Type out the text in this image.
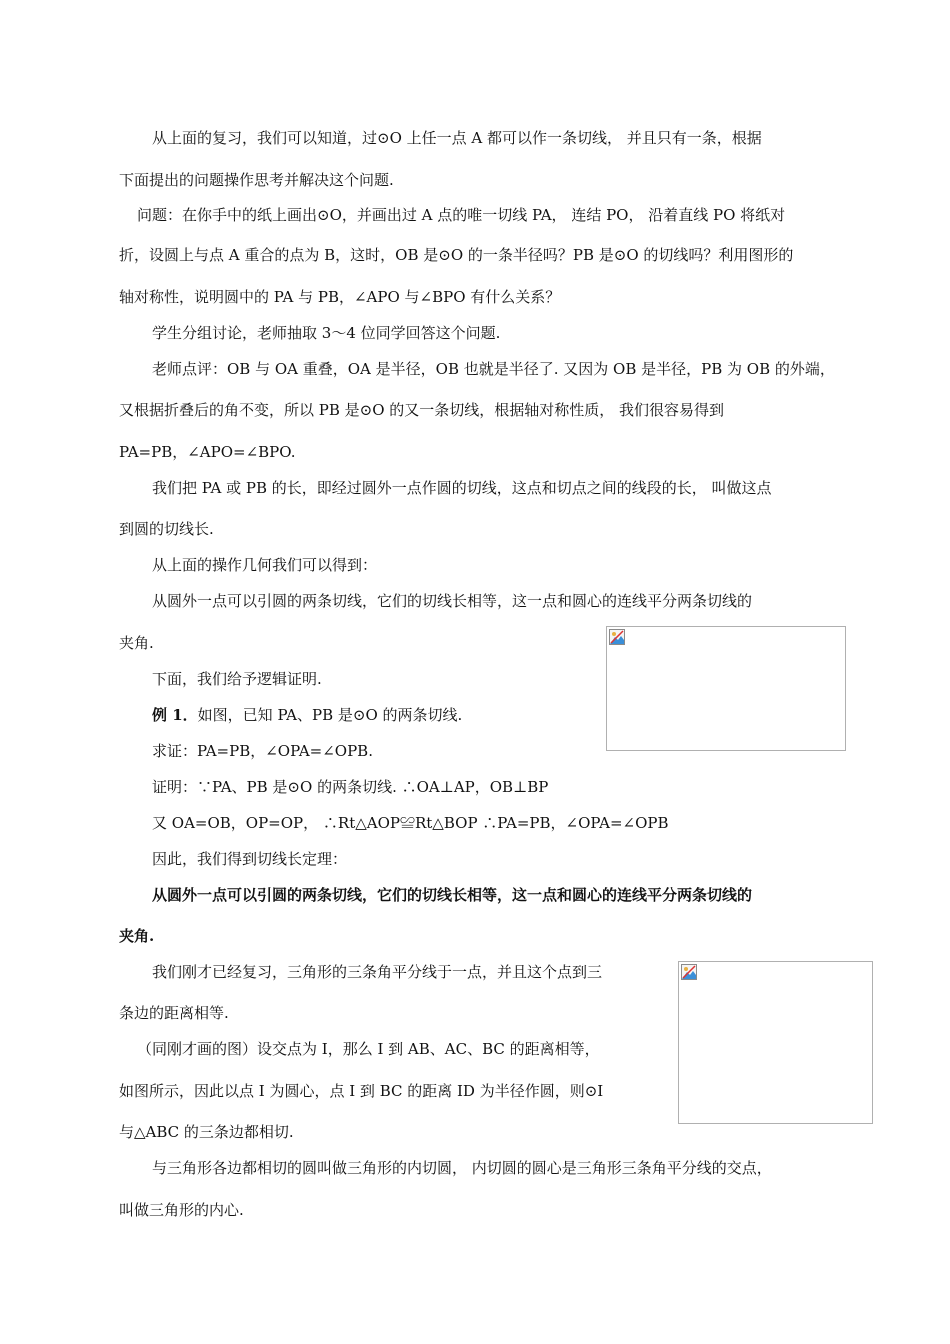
从上面的复习，我们可以知道，过⊙O 上任一点 A 都可以作一条切线， 并且只有一条，根据
下面提出的问题操作思考并解决这个问题.
问题：在你手中的纸上画出⊙O，并画出过 A 点的唯一切线 PA， 连结 PO， 沿着直线 PO 将纸对
折，设圆上与点 A 重合的点为 B，这时，OB 是⊙O 的一条半径吗？PB 是⊙O 的切线吗？利用图形的
轴对称性，说明圆中的 PA 与 PB，∠APO 与∠BPO 有什么关系？
学生分组讨论，老师抽取 3～4 位同学回答这个问题.
老师点评：OB 与 OA 重叠，OA 是半径，OB 也就是半径了. 又因为 OB 是半径，PB 为 OB 的外端，
又根据折叠后的角不变，所以 PB 是⊙O 的又一条切线，根据轴对称性质， 我们很容易得到
PA=PB，∠APO=∠BPO.
我们把 PA 或 PB 的长，即经过圆外一点作圆的切线，这点和切点之间的线段的长， 叫做这点
到圆的切线长.
从上面的操作几何我们可以得到：
从圆外一点可以引圆的两条切线，它们的切线长相等，这一点和圆心的连线平分两条切线的
夹角.
下面，我们给予逻辑证明.
例 1．如图，已知 PA、PB 是⊙O 的两条切线.
求证：PA=PB，∠OPA=∠OPB.
证明：∵PA、PB 是⊙O 的两条切线. ∴OA⊥AP，OB⊥BP
又 OA=OB，OP=OP， ∴Rt△AOP≌Rt△BOP ∴PA=PB，∠OPA=∠OPB
因此，我们得到切线长定理：
从圆外一点可以引圆的两条切线，它们的切线长相等，这一点和圆心的连线平分两条切线的
夹角.
我们刚才已经复习，三角形的三条角平分线于一点，并且这个点到三
条边的距离相等.
（同刚才画的图）设交点为 I，那么 I 到 AB、AC、BC 的距离相等，
如图所示，因此以点 I 为圆心，点 I 到 BC 的距离 ID 为半径作圆，则⊙I
与△ABC 的三条边都相切.
与三角形各边都相切的圆叫做三角形的内切圆， 内切圆的圆心是三角形三条角平分线的交点，
叫做三角形的内心.
